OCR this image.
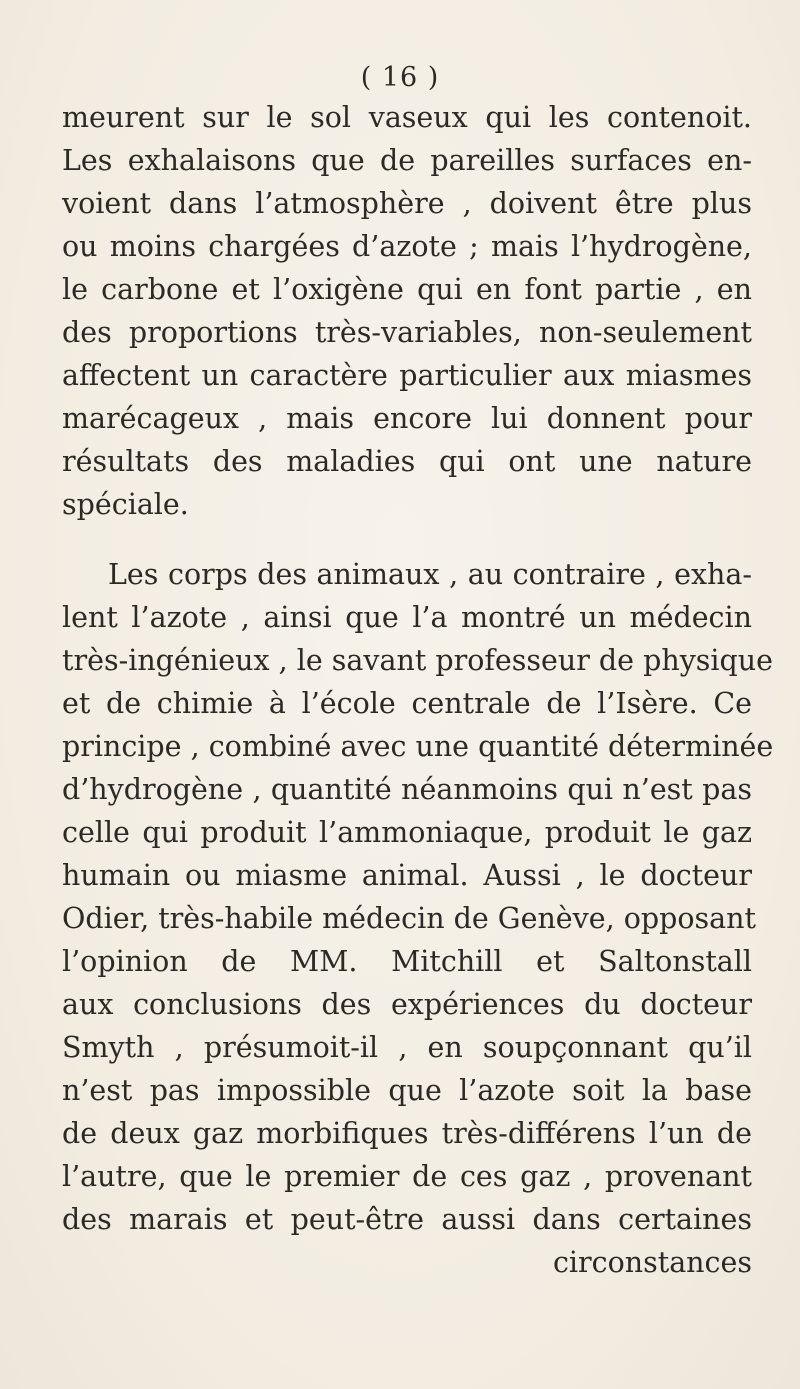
( 16 )
meurent sur le sol vaseux qui les contenoit.
Les exhalaisons que de pareilles surfaces en-
voient dans l’atmosphère , doivent être plus
ou moins chargées d’azote ; mais l’hydrogène,
le carbone et l’oxigène qui en font partie , en
des proportions très-variables, non-seulement
affectent un caractère particulier aux miasmes
marécageux , mais encore lui donnent pour
résultats des maladies qui ont une nature
spéciale.
Les corps des animaux , au contraire , exha-
lent l’azote , ainsi que l’a montré un médecin
très-ingénieux , le savant professeur de physique
et de chimie à l’école centrale de l’Isère. Ce
principe , combiné avec une quantité déterminée
d’hydrogène , quantité néanmoins qui n’est pas
celle qui produit l’ammoniaque, produit le gaz
humain ou miasme animal. Aussi , le docteur
Odier, très-habile médecin de Genève, opposant
l’opinion de MM. Mitchill et Saltonstall
aux conclusions des expériences du docteur
Smyth , présumoit-il , en soupçonnant qu’il
n’est pas impossible que l’azote soit la base
de deux gaz morbifiques très-différens l’un de
l’autre, que le premier de ces gaz , provenant
des marais et peut-être aussi dans certaines
circonstances
